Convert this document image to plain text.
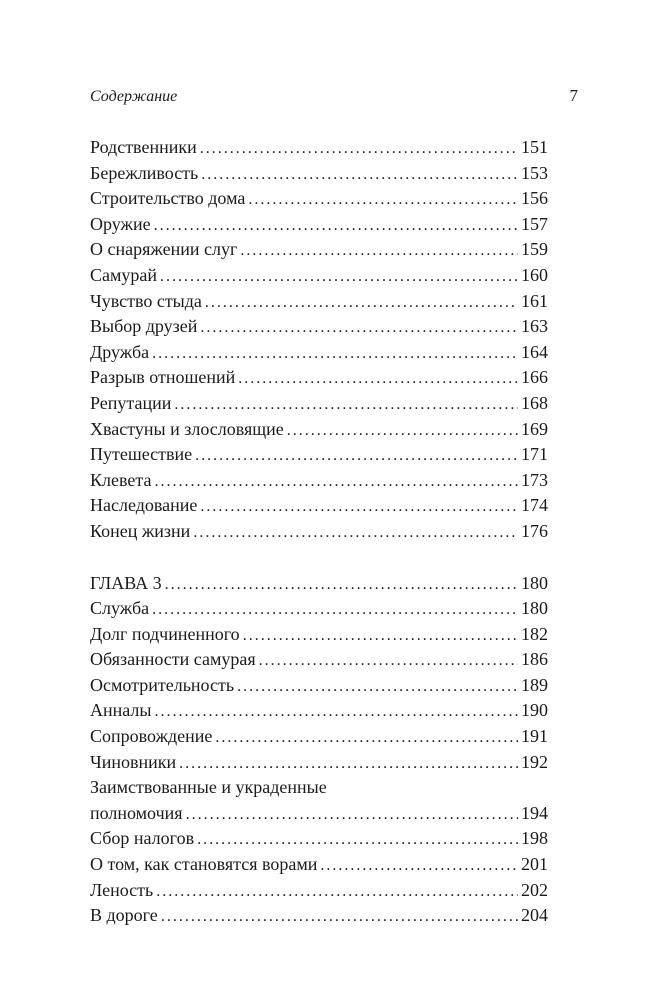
Содержание	7
Родственники . . .	151
Бережливость . . .	153
Строительство дома . . .	156
Оружие . . .	157
О снаряжении слуг . . .	159
Самурай . . .	160
Чувство стыда . . .	161
Выбор друзей . . .	163
Дружба . . .	164
Разрыв отношений . . .	166
Репутации . . .	168
Хвастуны и злословящие . . .	169
Путешествие . . .	171
Клевета . . .	173
Наследование . . .	174
Конец жизни . . .	176
ГЛАВА 3 . . .	180
Служба . . .	180
Долг подчиненного . . .	182
Обязанности самурая . . .	186
Осмотрительность . . .	189
Анналы . . .	190
Сопровождение . . .	191
Чиновники . . .	192
Заимствованные и украденные
полномочия . . .	194
Сбор налогов . . .	198
О том, как становятся ворами . . .	201
Леность . . .	202
В дороге . . .	204
